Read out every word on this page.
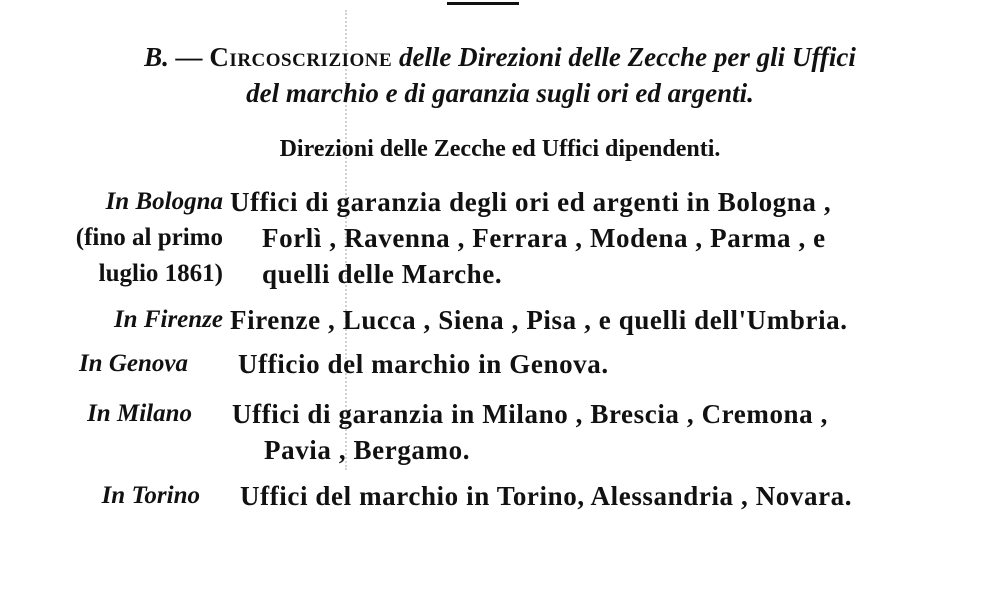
B. — Circoscrizione delle Direzioni delle Zecche per gli Uffici
del marchio e di garanzia sugli ori ed argenti.
Direzioni delle Zecche ed Uffici dipendenti.
In Bologna
(fino al primo
luglio 1861)
Uffici di garanzia degli ori ed argenti in Bologna ,
Forlì , Ravenna , Ferrara , Modena , Parma , e
quelli delle Marche.
In Firenze Firenze , Lucca , Siena , Pisa , e quelli dell'Umbria.
In Genova Ufficio del marchio in Genova.
In Milano Uffici di garanzia in Milano , Brescia , Cremona ,
Pavia , Bergamo.
In Torino Uffici del marchio in Torino, Alessandria , Novara.
